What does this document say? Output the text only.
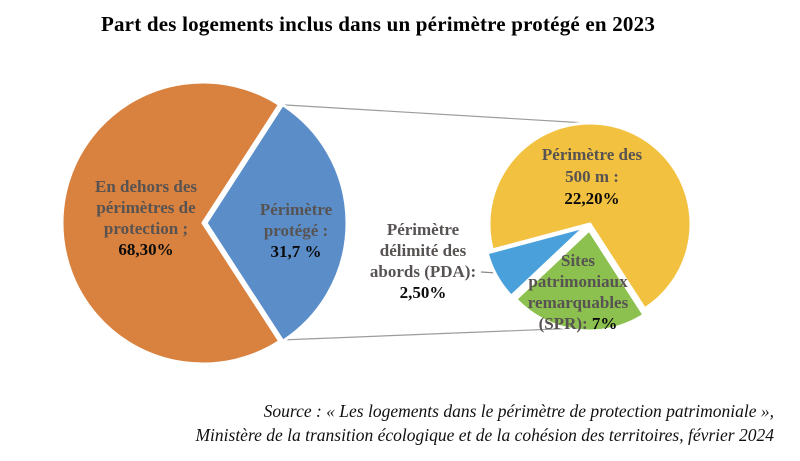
Part des logements inclus dans un périmètre protégé en 2023
En dehors des
périmètres de
protection ;
68,30%
Périmètre
protégé :
31,7 %
Périmètre des
500 m :
22,20%
Périmètre
délimité des
abords (PDA):
2,50%
Sites
patrimoniaux
remarquables
(SPR): 7%
Source : « Les logements dans le périmètre de protection patrimoniale »,
Ministère de la transition écologique et de la cohésion des territoires, février 2024
